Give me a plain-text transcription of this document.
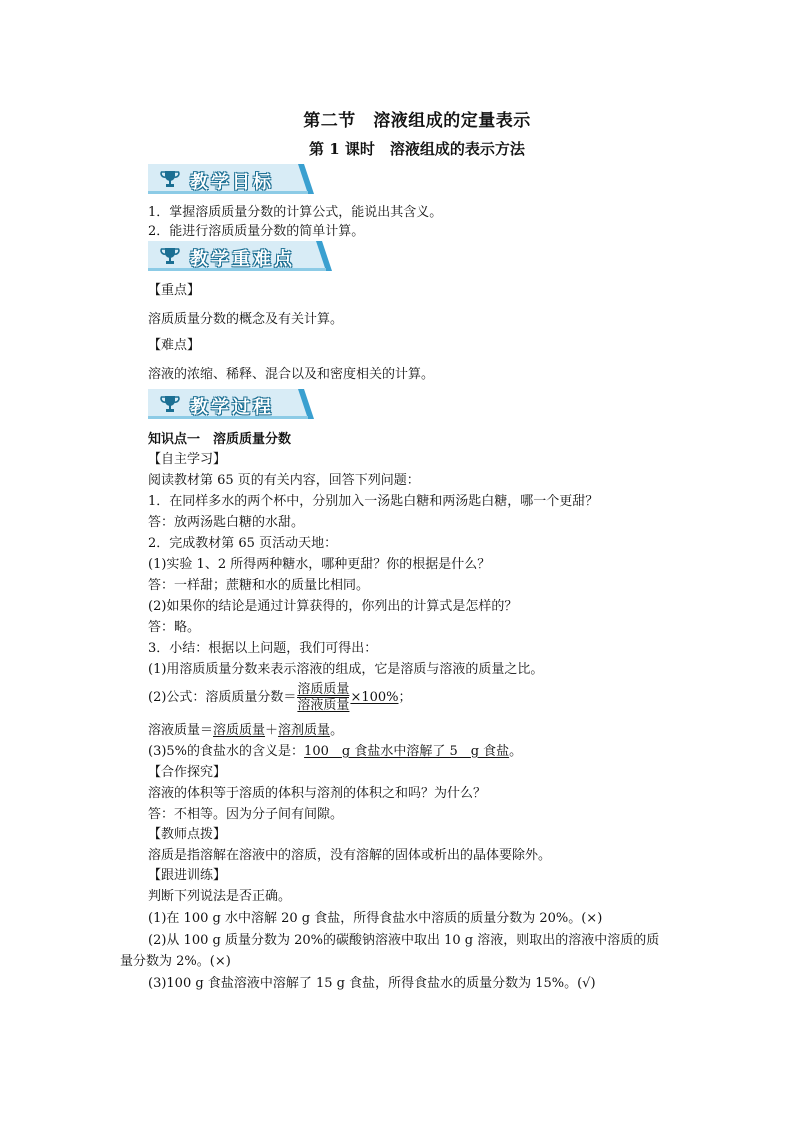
第二节　溶液组成的定量表示
第 1 课时　溶液组成的表示方法
教学目标
1．掌握溶质质量分数的计算公式，能说出其含义。
2．能进行溶质质量分数的简单计算。
教学重难点
【重点】
溶质质量分数的概念及有关计算。
【难点】
溶液的浓缩、稀释、混合以及和密度相关的计算。
教学过程
知识点一　溶质质量分数
【自主学习】
阅读教材第 65 页的有关内容，回答下列问题：
1．在同样多水的两个杯中，分别加入一汤匙白糖和两汤匙白糖，哪一个更甜？
答：放两汤匙白糖的水甜。
2．完成教材第 65 页活动天地：
(1)实验 1、2 所得两种糖水，哪种更甜？你的根据是什么？
答：一样甜；蔗糖和水的质量比相同。
(2)如果你的结论是通过计算获得的，你列出的计算式是怎样的？
答：略。
3．小结：根据以上问题，我们可得出：
(1)用溶质质量分数来表示溶液的组成，它是溶质与溶液的质量之比。
(2)公式：溶质质量分数＝ $\frac{\text{溶质质量}}{\text{溶液质量}} \times 100\%$；
溶液质量＝溶质质量＋溶剂质量。
(3)5%的食盐水的含义是：100　g 食盐水中溶解了 5　g 食盐。
【合作探究】
溶液的体积等于溶质的体积与溶剂的体积之和吗？为什么？
答：不相等。因为分子间有间隙。
【教师点拨】
溶质是指溶解在溶液中的溶质，没有溶解的固体或析出的晶体要除外。
【跟进训练】
判断下列说法是否正确。
(1)在 100 g 水中溶解 20 g 食盐，所得食盐水中溶质的质量分数为 20%。(×)
(2)从 100 g 质量分数为 20%的碳酸钠溶液中取出 10 g 溶液，则取出的溶液中溶质的质
量分数为 2%。(×)
(3)100 g 食盐溶液中溶解了 15 g 食盐，所得食盐水的质量分数为 15%。(√)
